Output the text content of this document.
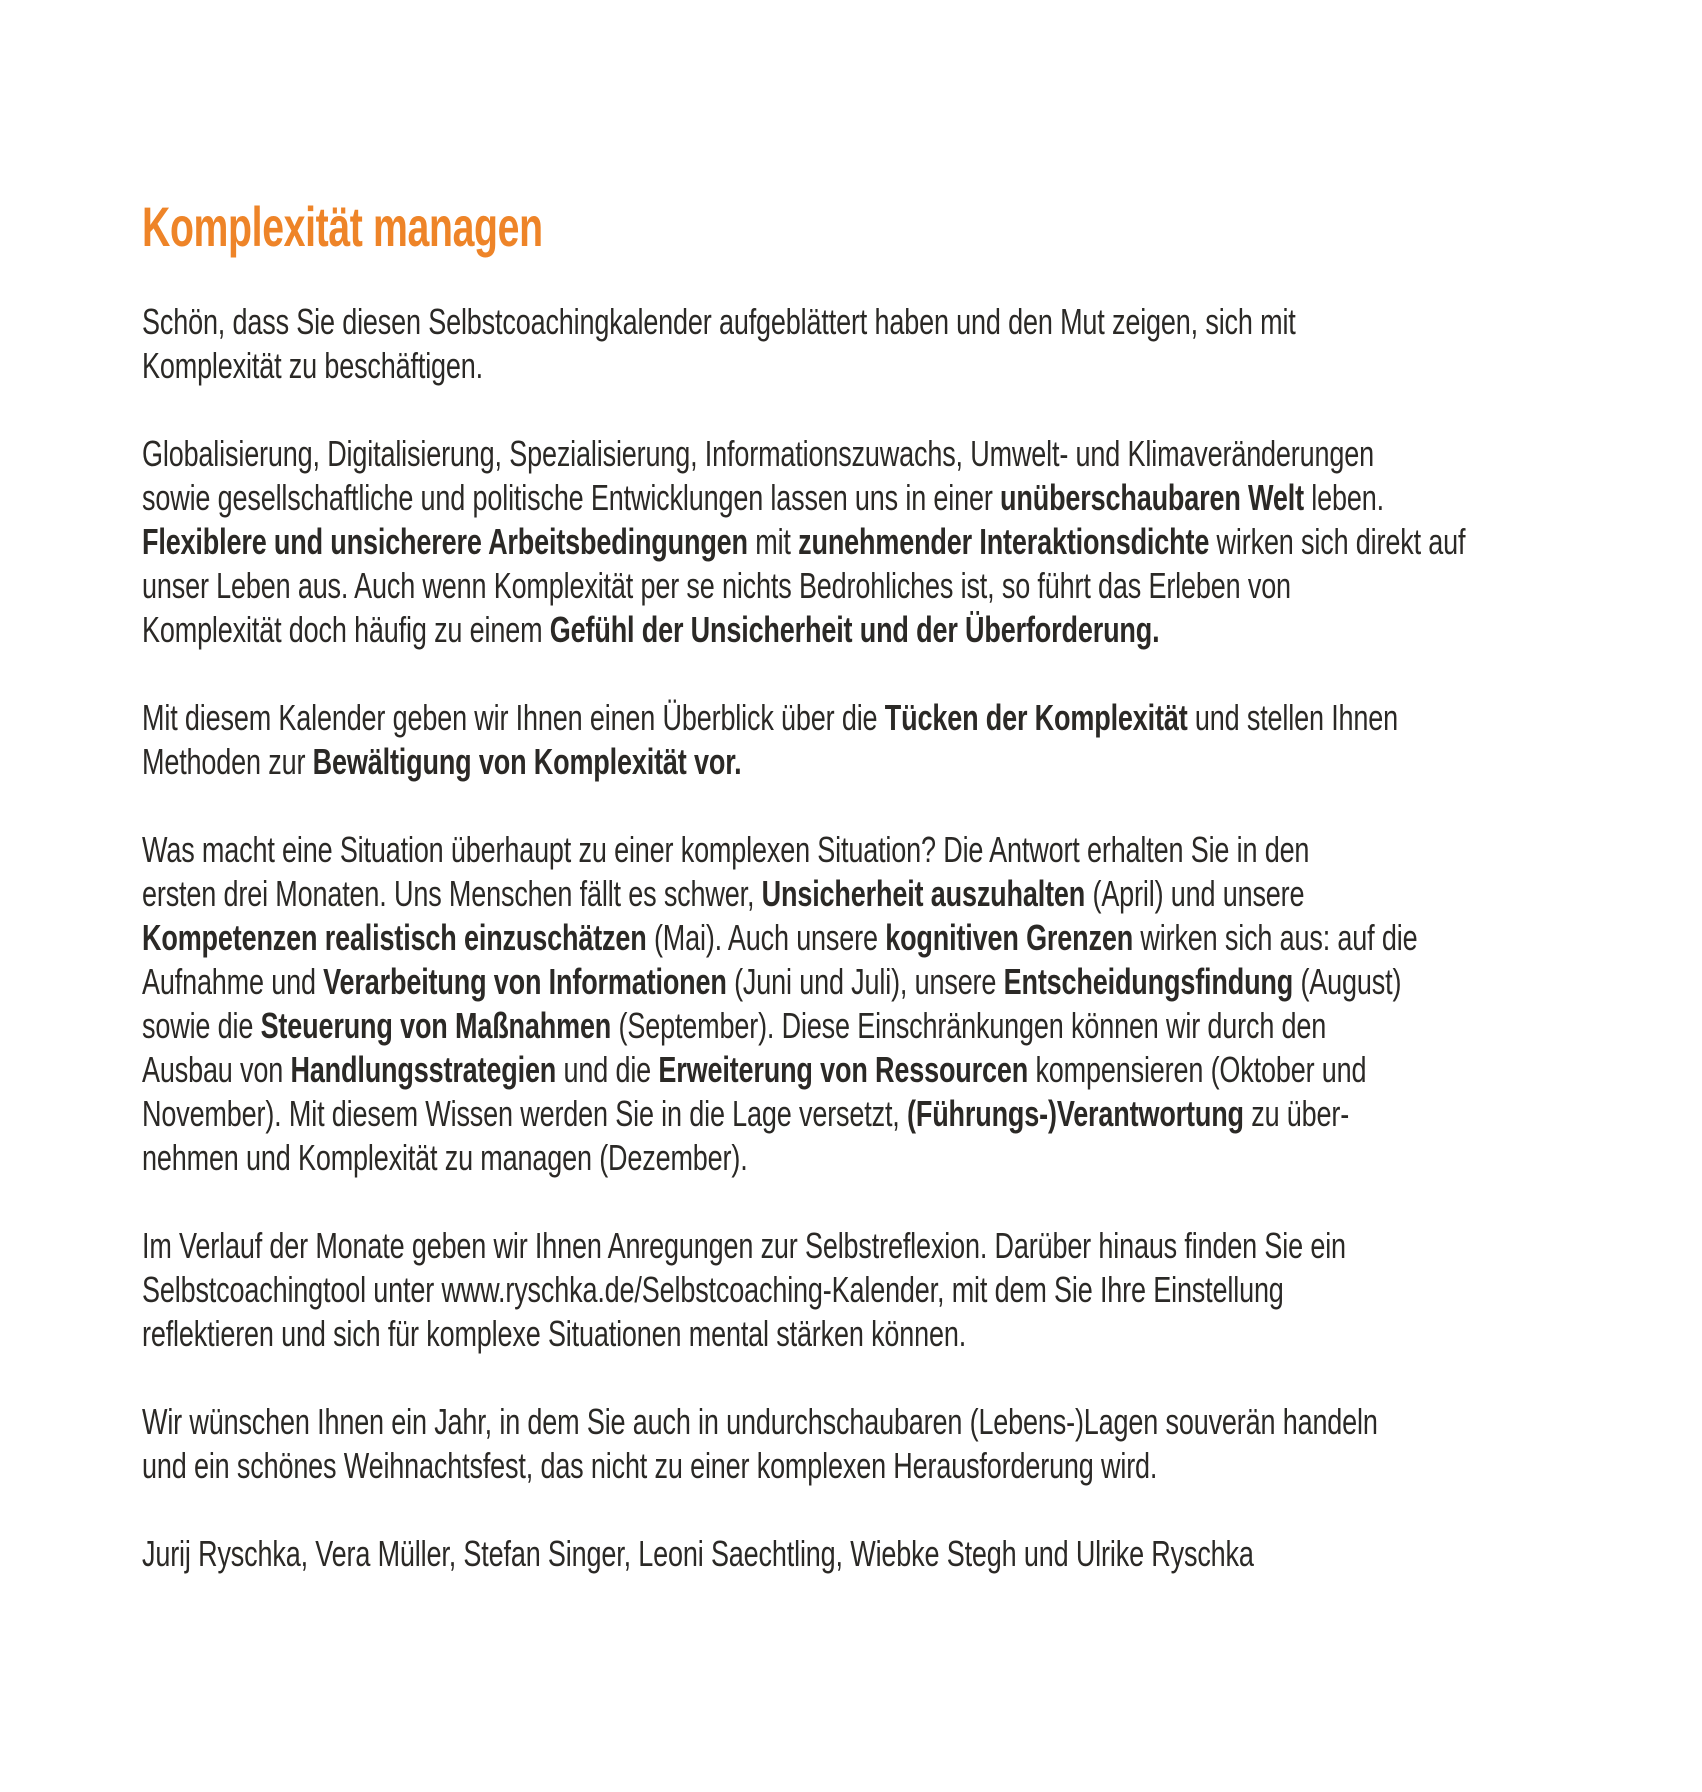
Komplexität managen
Schön, dass Sie diesen Selbstcoachingkalender aufgeblättert haben und den Mut zeigen, sich mit
Komplexität zu beschäftigen.
Globalisierung, Digitalisierung, Spezialisierung, Informationszuwachs, Umwelt- und Klimaveränderungen
sowie gesellschaftliche und politische Entwicklungen lassen uns in einer unüberschaubaren Welt leben.
Flexiblere und unsicherere Arbeitsbedingungen mit zunehmender Interaktionsdichte wirken sich direkt auf
unser Leben aus. Auch wenn Komplexität per se nichts Bedrohliches ist, so führt das Erleben von
Komplexität doch häufig zu einem Gefühl der Unsicherheit und der Überforderung.
Mit diesem Kalender geben wir Ihnen einen Überblick über die Tücken der Komplexität und stellen Ihnen
Methoden zur Bewältigung von Komplexität vor.
Was macht eine Situation überhaupt zu einer komplexen Situation? Die Antwort erhalten Sie in den
ersten drei Monaten. Uns Menschen fällt es schwer, Unsicherheit auszuhalten (April) und unsere
Kompetenzen realistisch einzuschätzen (Mai). Auch unsere kognitiven Grenzen wirken sich aus: auf die
Aufnahme und Verarbeitung von Informationen (Juni und Juli), unsere Entscheidungsfindung (August)
sowie die Steuerung von Maßnahmen (September). Diese Einschränkungen können wir durch den
Ausbau von Handlungsstrategien und die Erweiterung von Ressourcen kompensieren (Oktober und
November). Mit diesem Wissen werden Sie in die Lage versetzt, (Führungs-)Verantwortung zu über-
nehmen und Komplexität zu managen (Dezember).
Im Verlauf der Monate geben wir Ihnen Anregungen zur Selbstreflexion. Darüber hinaus finden Sie ein
Selbstcoachingtool unter www.ryschka.de/Selbstcoaching-Kalender, mit dem Sie Ihre Einstellung
reflektieren und sich für komplexe Situationen mental stärken können.
Wir wünschen Ihnen ein Jahr, in dem Sie auch in undurchschaubaren (Lebens-)Lagen souverän handeln
und ein schönes Weihnachtsfest, das nicht zu einer komplexen Herausforderung wird.
Jurij Ryschka, Vera Müller, Stefan Singer, Leoni Saechtling, Wiebke Stegh und Ulrike Ryschka
